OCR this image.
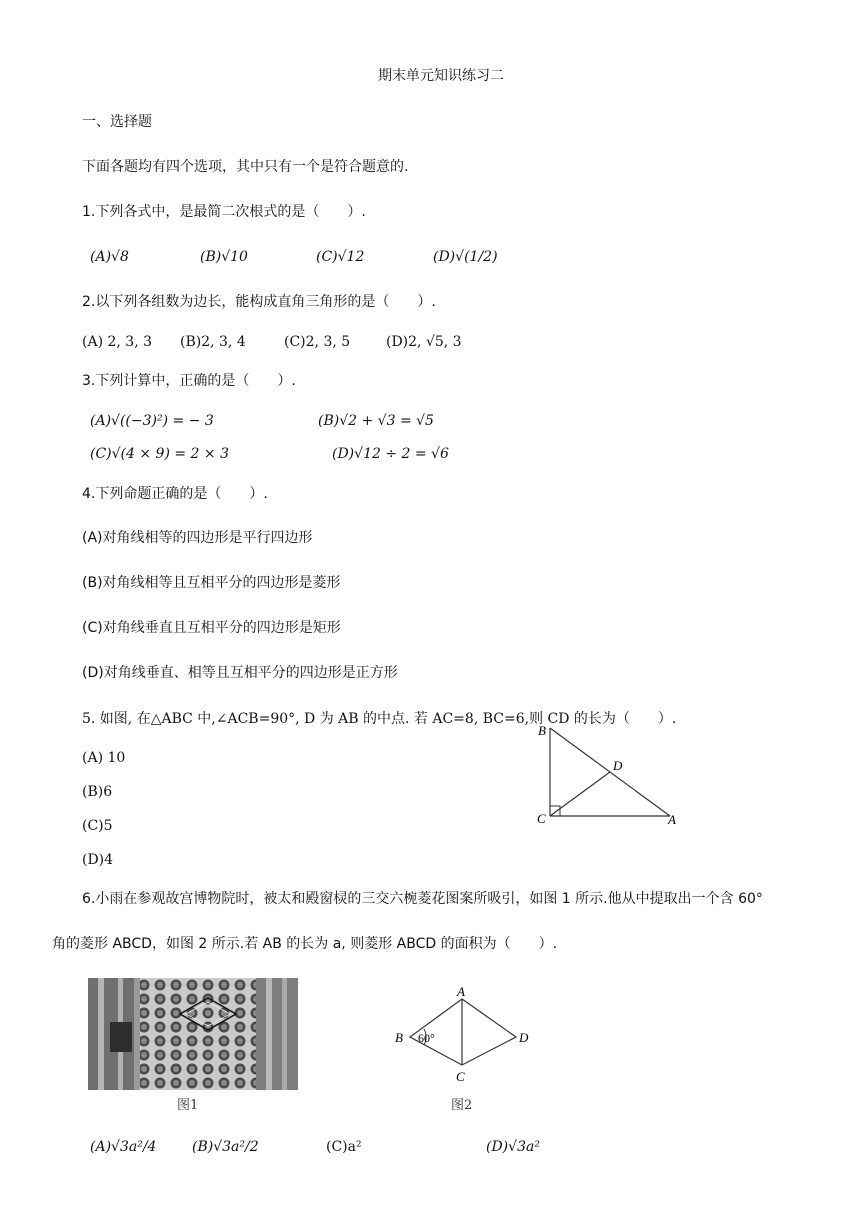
期末单元知识练习二
一、选择题
下面各题均有四个选项，其中只有一个是符合题意的.
1.下列各式中，是最简二次根式的是（　　）.
(A)√8	(B)√10	(C)√12	(D)√(1/2)
2.以下列各组数为边长，能构成直角三角形的是（　　）.
(A) 2, 3, 3 (B)2, 3, 4	(C)2, 3, 5	(D)2, √5, 3
3.下列计算中，正确的是（　　）.
(A)√((−3)²) = − 3	(B)√2 + √3 = √5
(C)√(4 × 9) = 2 × 3	(D)√12 ÷ 2 = √6
4.下列命题正确的是（　　）.
(A)对角线相等的四边形是平行四边形
(B)对角线相等且互相平分的四边形是菱形
(C)对角线垂直且互相平分的四边形是矩形
(D)对角线垂直、相等且互相平分的四边形是正方形
5. 如图, 在△ABC 中,∠ACB=90°, D 为 AB 的中点. 若 AC=8, BC=6,则 CD 的长为（　　）.
(A) 10
(B)6
(C)5
(D)4
B
D
C	A
6.小雨在参观故宫博物院时，被太和殿窗棂的三交六椀菱花图案所吸引，如图 1 所示.他从中提取出一个含 60°
角的菱形 ABCD，如图 2 所示.若 AB 的长为 a, 则菱形 ABCD 的面积为（　　）.
图1
A
B 60°	D
C
图2
(A)√3a²/4	(B)√3a²/2	(C)a²	(D)√3a²
